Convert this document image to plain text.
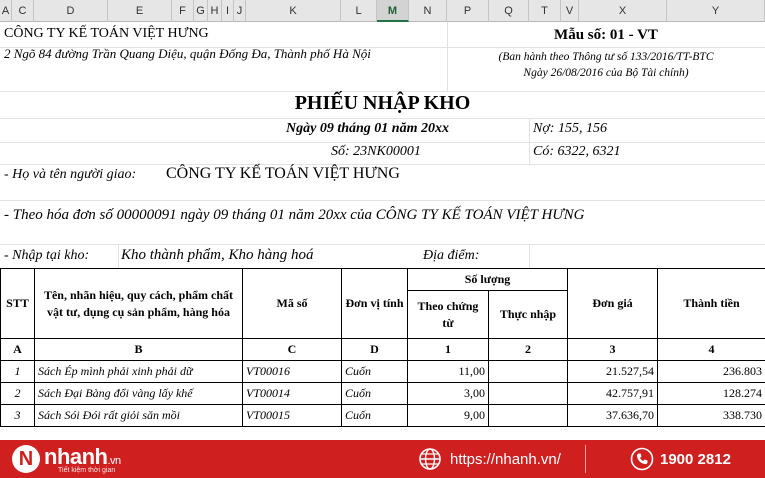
A C	D	E	F G H I J	K	L	M	N	P	Q	T	V	X	Y
CÔNG TY KẾ TOÁN VIỆT HƯNG
2 Ngõ 84 đường Trần Quang Diệu, quận Đống Đa, Thành phố Hà Nội
Mẫu số: 01 - VT
(Ban hành theo Thông tư số 133/2016/TT-BTC
Ngày 26/08/2016 của Bộ Tài chính)
PHIẾU NHẬP KHO
Ngày 09 tháng 01 năm 20xx	Nợ: 155, 156
Số: 23NK00001	Có: 6322, 6321
- Họ và tên người giao: CÔNG TY KẾ TOÁN VIỆT HƯNG
- Theo hóa đơn số 00000091 ngày 09 tháng 01 năm 20xx của CÔNG TY KẾ TOÁN VIỆT HƯNG
- Nhập tại kho: Kho thành phẩm, Kho hàng hoá	Địa điểm:
STT	Tên, nhãn hiệu, quy cách, phẩm chất vật tư, dụng cụ sản phẩm, hàng hóa	Mã số	Đơn vị tính	Số lượng		Đơn giá	Thành tiền
				Theo chứng từ	Thực nhập		
A	B	C	D	1	2	3	4
1	Sách Ép mình phải xinh phải dữ	VT00016	Cuốn	11,00		21.527,54	236.803
2	Sách Đại Bàng đổi vàng lấy khế	VT00014	Cuốn	3,00		42.757,91	128.274
3	Sách Sói Đói rất giỏi săn mồi	VT00015	Cuốn	9,00		37.636,70	338.730
N nhanh.vn
Tiết kiệm thời gian
https://nhanh.vn/	1900 2812
